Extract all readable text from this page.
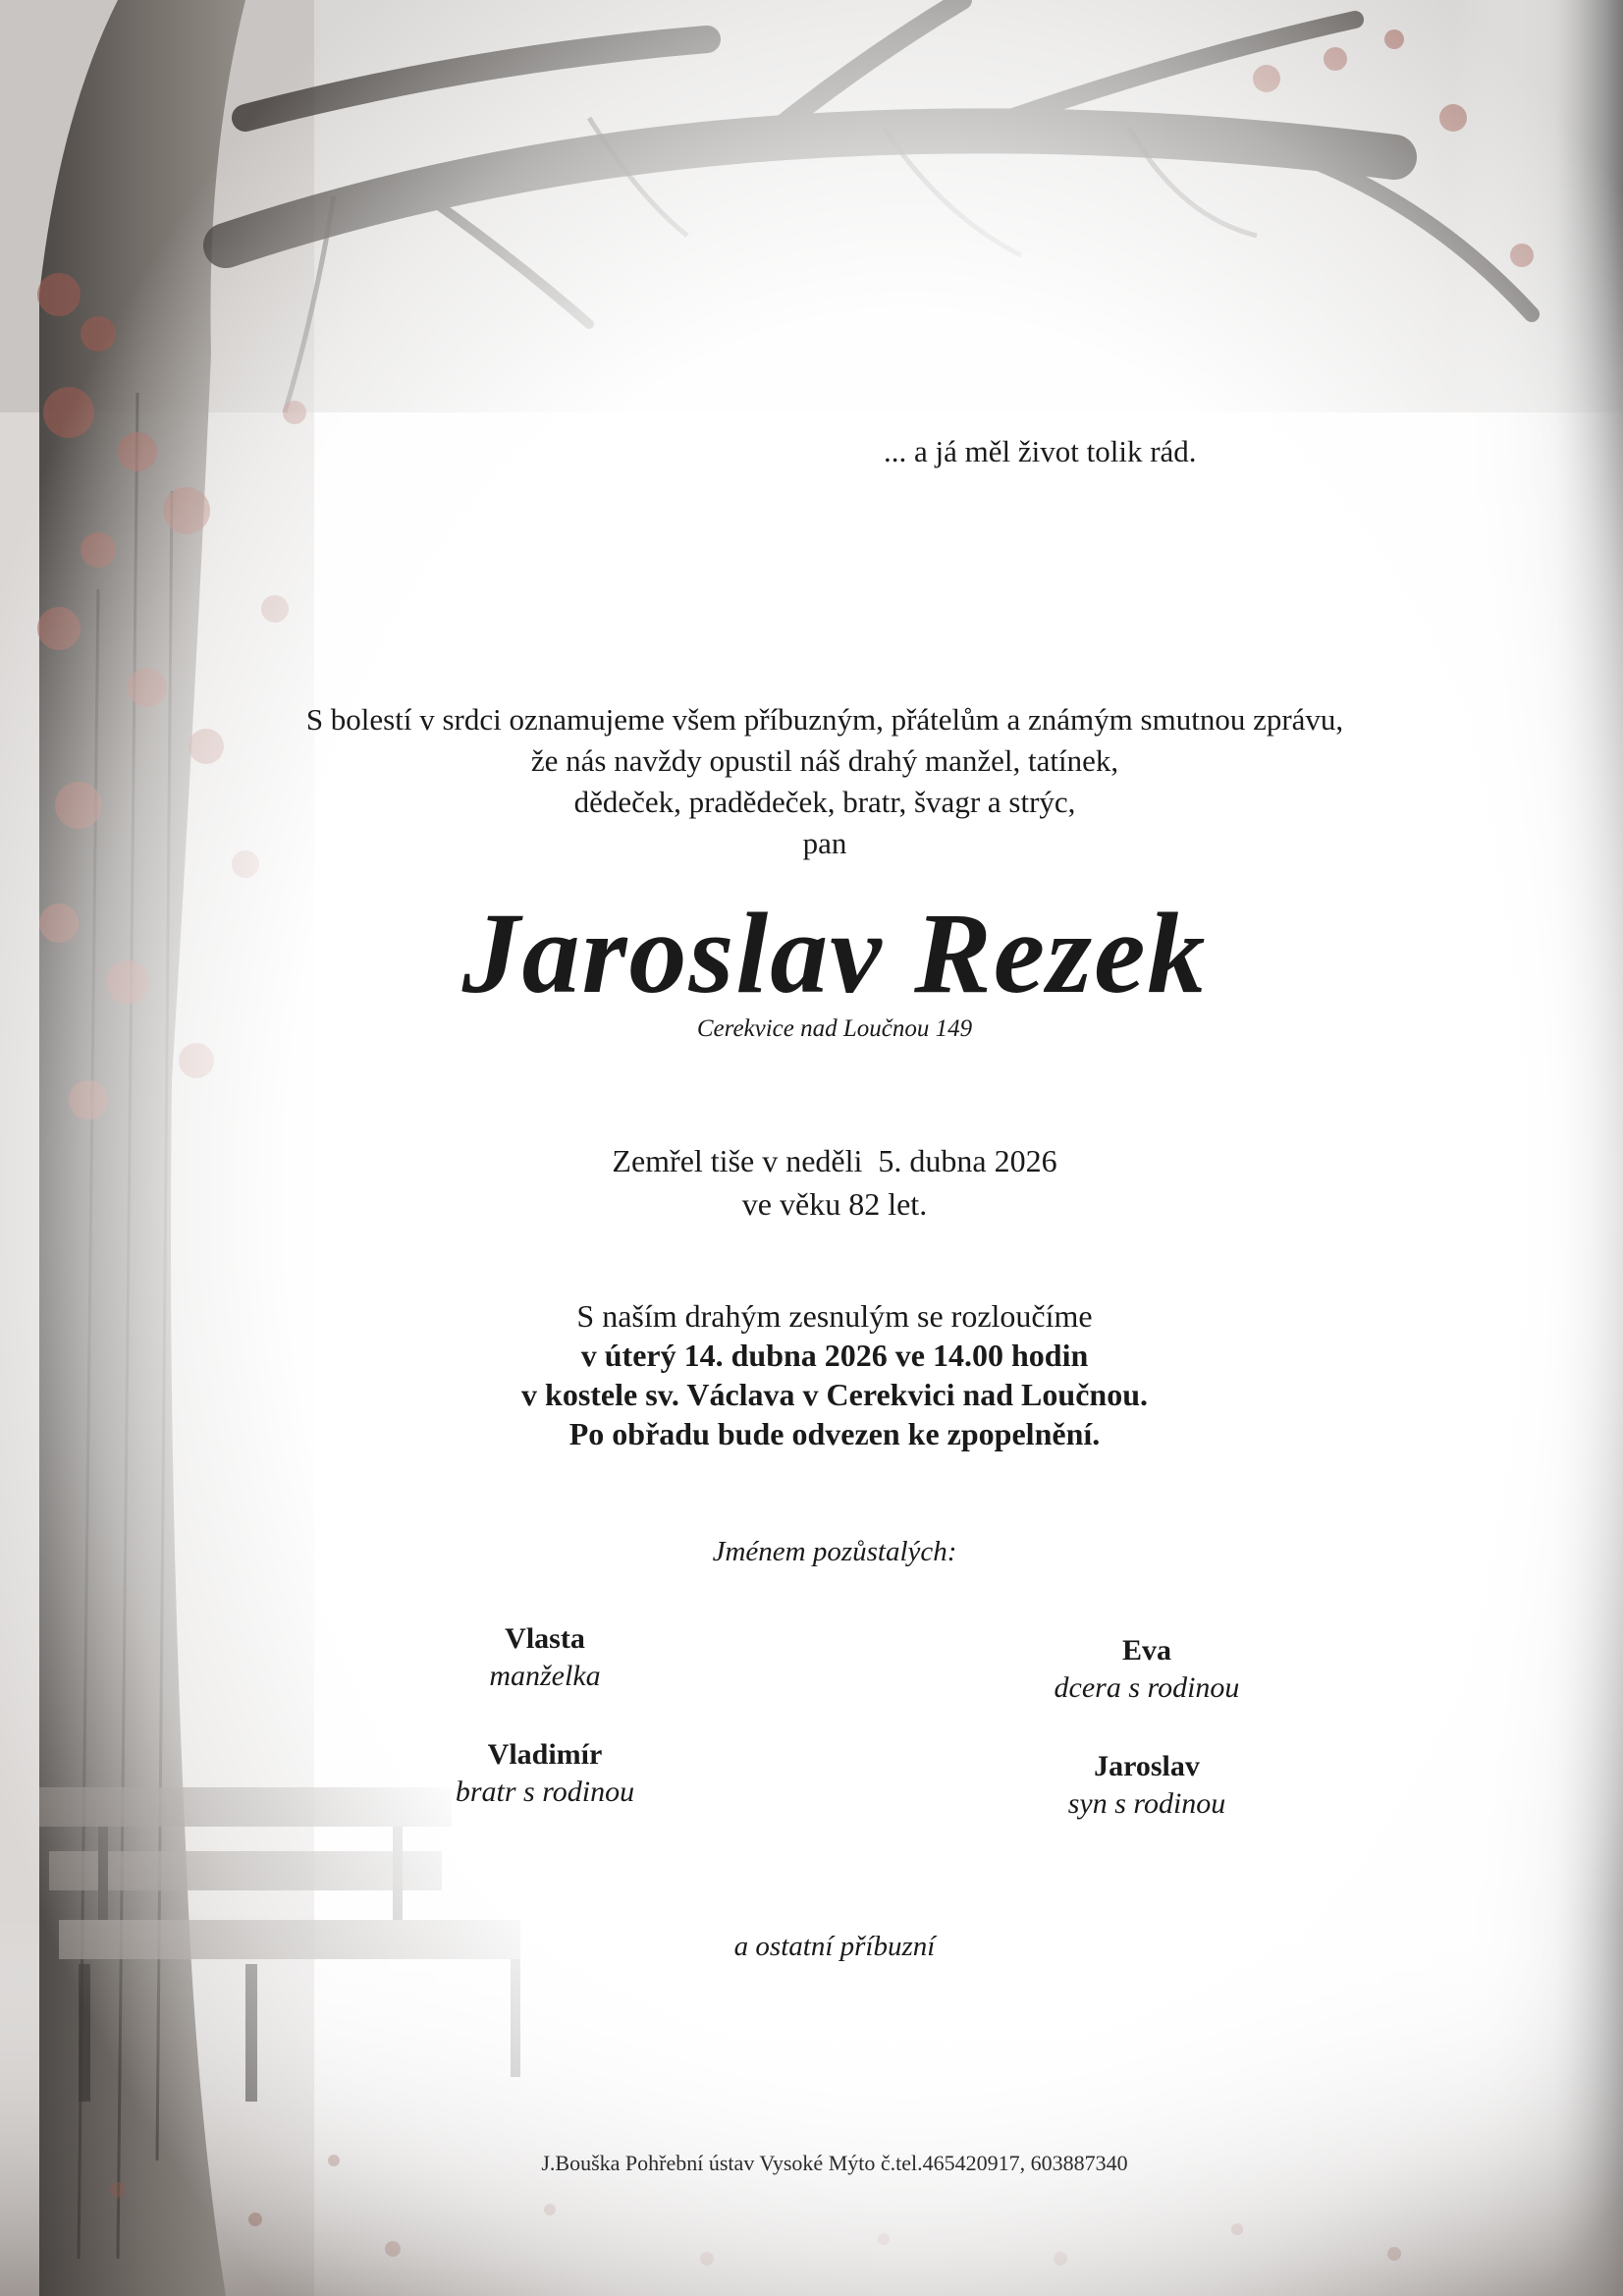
... a já měl život tolik rád.
S bolestí v srdci oznamujeme všem příbuzným, přátelům a známým smutnou zprávu,
že nás navždy opustil náš drahý manžel, tatínek,
dědeček, pradědeček, bratr, švagr a strýc,
pan
Jaroslav Rezek
Cerekvice nad Loučnou 149
Zemřel tiše v neděli  5. dubna 2026
ve věku 82 let.
S naším drahým zesnulým se rozloučíme
v úterý 14. dubna 2026 ve 14.00 hodin
v kostele sv. Václava v Cerekvici nad Loučnou.
Po obřadu bude odvezen ke zpopelnění.
Jménem pozůstalých:
Vlasta
manželka
Eva
dcera s rodinou
Vladimír
bratr s rodinou
Jaroslav
syn s rodinou
a ostatní příbuzní
J.Bouška Pohřební ústav Vysoké Mýto č.tel.465420917, 603887340
